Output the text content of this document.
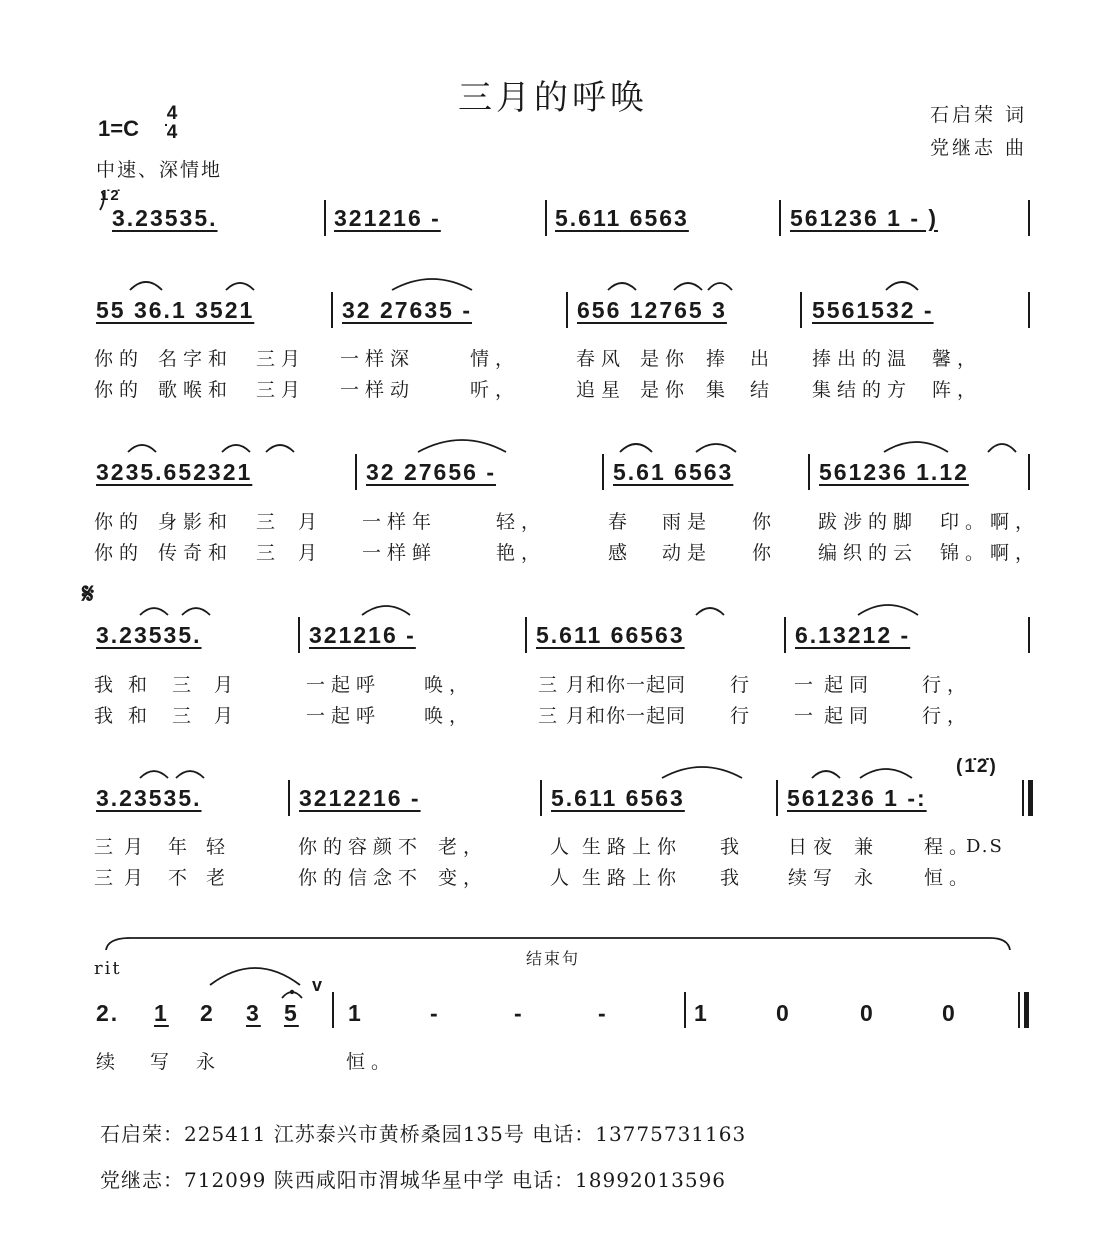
三月的呼唤	石启荣 词
党继志 曲
1=C
4
4
中速、深情地
1̇2̇
3.23535.	321216 -	5.611 6563	561236 1 - )
55 36.1 3521	32 27635 -	656 12765 3	5561532 -
你的 名字和 三月 一样深	情，	春风 是你 捧 出 捧出的温 馨，
你的 歌喉和 三月 一样动	听，	追星 是你 集 结 集结的方 阵，
3235.652321	32 27656 -	5.61 6563	561236 1.12
你的 身影和 三 月 一样年	轻，	春 雨是 你 跋涉的脚 印。啊，
你的 传奇和 三 月 一样鲜	艳，	感 动是 你 编织的云 锦。啊，
𝄋
3.23535.	321216 -	5.611 66563	6.13212 -
我 和 三 月	一起呼 唤，	三 月和你一起同 行 一 起同	行，
我 和 三 月	一起呼 唤，	三 月和你一起同 行 一 起同	行，
(1̇2̇)
3.23535.	3212216 -	5.611 6563	561236 1 -:
三 月 年 轻	你的容颜不 老，	人 生路上你 我 日夜 兼 程。
D.S
三 月 不 老	你的信念不 变，	人 生路上你 我 续写 永 恒。
结束句
rit
v
2. 1 2 3 5 1	-	-	-	1	0	0	0
续 写 永	恒。
石启荣：225411 江苏泰兴市黄桥桑园135号 电话：13775731163
党继志：712099 陕西咸阳市渭城华星中学 电话：18992013596
